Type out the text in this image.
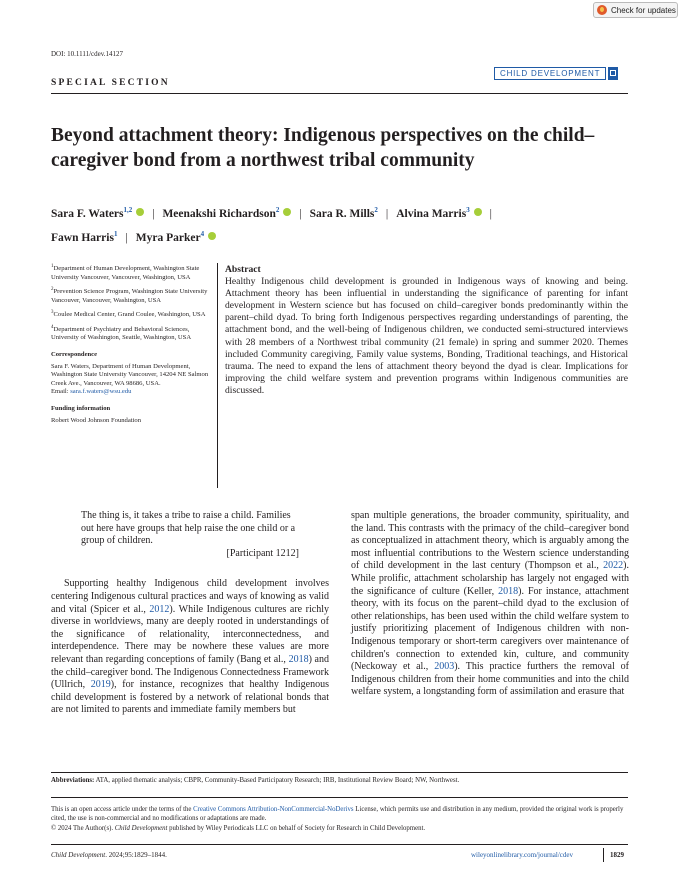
Check for updates
DOI: 10.1111/cdev.14127
SPECIAL SECTION
CHILD DEVELOPMENT
Beyond attachment theory: Indigenous perspectives on the child–caregiver bond from a northwest tribal community
Sara F. Waters$^{1,2}$ | Meenakshi Richardson$^2$ | Sara R. Mills$^2$ | Alvina Marris$^3$ |
Fawn Harris$^1$ | Myra Parker$^4$

$^1$Department of Human Development, Washington State University Vancouver, Vancouver, Washington, USA

$^2$Prevention Science Program, Washington State University Vancouver, Vancouver, Washington, USA

$^3$Coulee Medical Center, Grand Coulee, Washington, USA

$^4$Department of Psychiatry and Behavioral Sciences, University of Washington, Seattle, Washington, USA

Correspondence

Sara F. Waters, Department of Human Development, Washington State University Vancouver, 14204 NE Salmon Creek Ave., Vancouver, WA 98686, USA.
Email: sara.f.waters@wsu.edu

Funding information

Robert Wood Johnson Foundation

Abstract
Healthy Indigenous child development is grounded in Indigenous ways of knowing and being. Attachment theory has been influential in understanding the significance of parenting for infant development in Western science but has focused on child–caregiver bonds predominantly within the parent–child dyad. To bring forth Indigenous perspectives regarding understandings of parenting, the attachment bond, and the well-being of Indigenous children, we conducted semi-structured interviews with 28 members of a Northwest tribal community (21 female) in spring and summer 2020. Themes included Community caregiving, Family value systems, Bonding, Traditional teachings, and Historical trauma. The need to expand the lens of attachment theory beyond the dyad is clear. Implications for improving the child welfare system and prevention programs within Indigenous communities are discussed.
The thing is, it takes a tribe to raise a child. Families out here have groups that help raise the one child or a group of children.
[Participant 1212]
Supporting healthy Indigenous child development involves centering Indigenous cultural practices and ways of knowing as valid and vital (Spicer et al., 2012). While Indigenous cultures are richly diverse in worldviews, many are deeply rooted in understandings of the significance of relationality, interconnectedness, and interdependence. There may be nowhere these values are more relevant than regarding conceptions of family (Bang et al., 2018) and the child–caregiver bond. The Indigenous Connectedness Framework (Ullrich, 2019), for instance, recognizes that healthy Indigenous child development is fostered by a network of relational bonds that are not limited to parents and immediate family members but
span multiple generations, the broader community, spirituality, and the land. This contrasts with the primacy of the child–caregiver bond as conceptualized in attachment theory, which is arguably among the most influential contributions to the Western science understanding of child development in the last century (Thompson et al., 2022). While prolific, attachment scholarship has largely not engaged with the significance of culture (Keller, 2018). For instance, attachment theory, with its focus on the parent–child dyad to the exclusion of other relationships, has been used within the child welfare system to justify prioritizing placement of Indigenous children with non-Indigenous temporary or short-term caregivers over maintenance of children's connection to extended kin, culture, and community (Neckoway et al., 2003). This practice furthers the removal of Indigenous children from their home communities and into the child welfare system, a longstanding form of assimilation and erasure that
Abbreviations: ATA, applied thematic analysis; CBPR, Community-Based Participatory Research; IRB, Institutional Review Board; NW, Northwest.
This is an open access article under the terms of the Creative Commons Attribution-NonCommercial-NoDerivs License, which permits use and distribution in any medium, provided the original work is properly cited, the use is non-commercial and no modifications or adaptations are made.
© 2024 The Author(s). Child Development published by Wiley Periodicals LLC on behalf of Society for Research in Child Development.
Child Development. 2024;95:1829–1844.	wileyonlinelibrary.com/journal/cdev	1829
